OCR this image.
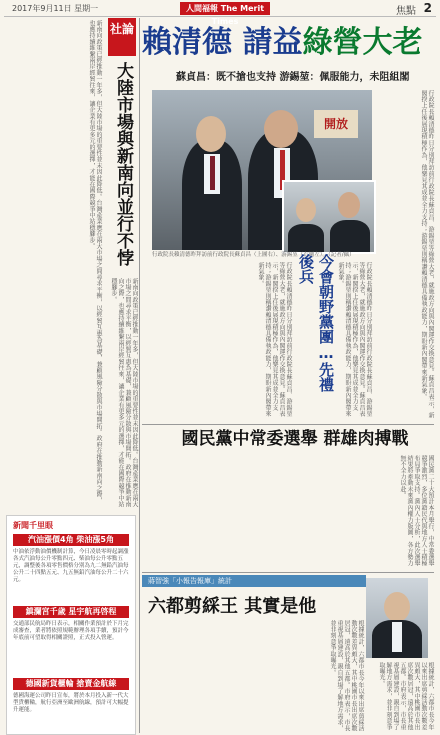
2017年9月11日 星期一	人間福報 The Merit Times
焦點 2
新南向政策已經推動一年多，但大陸市場的重要性並未因此降低。台灣產業應在兩大市場之間尋求平衡，以經貿互惠為基礎，兼顧風險分散與市場開拓。政府在推動新南向之際，也應持續維繫兩岸經貿往來，讓企業有更多元的選擇，才能在國際競爭中站穩腳步。	社論
大陸市場與新南向並行不悖
新南向政策已經推動一年多，但大陸市場的重要性並未因此降低。台灣產業應在兩大市場之間尋求平衡，以經貿互惠為基礎，兼顧風險分散與市場開拓。政府在推動新南向之際，也應持續維繫兩岸經貿往來，讓企業有更多元的選擇，才能在國際競爭中站穩腳步。
新聞千里眼
汽油漲價4角 柴油漲5角
中油依浮動油價機制計算，今日凌晨零時起調漲各式汽油每公升零點四元、柴油每公升零點五元，調整後各項零售價格分別為九二無鉛汽油每公升二十四點五元、九五無鉛汽油每公升二十六元。
鎮瀾宮千歲 星宇航再啓程
交通部民航局昨日表示，相關作業預計於下月完成審查，業者將依照規範辦理各項手續，預計今年底前可望取得相關證照，正式投入營運。
德國新貨櫃輪 搶賣金航線
德國海運公司昨日宣布，將於本月投入新一代大型貨櫃輪，航行亞洲至歐洲航線，預計可大幅提升運能。
賴清德 請益綠營大老
蘇貞昌：既不搶也支持 游錫堃：佩服能力，未阻組閣
行政院長賴清德昨日分別拜訪前行政院長蘇貞昌、游錫堃等綠營大老，就施政方向與內閣運作交換意見。蘇貞昌表示，新閣揆上任後展現積極作為，他樂見其成並全力支持；游錫堃則稱讚賴清德具備執政能力，期盼新內閣帶來新氣象。
開放
行政院長賴清德昨拜訪前行政院長蘇貞昌（上圖右）、游錫堃（右圖左）。（記者/攝）
今會朝野黨團…先禮後兵
行政院長賴清德昨日分別拜訪前行政院長蘇貞昌、游錫堃等綠營大老，就施政方向與內閣運作交換意見。蘇貞昌表示，新閣揆上任後展現積極作為，他樂見其成並全力支持；游錫堃則稱讚賴清德具備執政能力，期盼新內閣帶來新氣象。	行政院長賴清德昨日分別拜訪前行政院長蘇貞昌、游錫堃等綠營大老，就施政方向與內閣運作交換意見。蘇貞昌表示，新閣揆上任後展現積極作為，他樂見其成並全力支持；游錫堃則稱讚賴清德具備執政能力，期盼新內閣帶來新氣象。
國民黨中常委選舉 群雄肉搏戰
國民黨二十大預計本月舉行，中常委選舉競爭激烈，多位黨籍民代與地方人士積極布局爭取支持。黨內人士分析，此次選舉結果將牽動未來黨內權力版圖，各方勢力無不全力以赴。
蔣智強「小報告報庫」統計
六都剪綵王 其實是他
根據統計，六都市長今年以來出席剪綵活動次數差異頗大，其中桃園市長出席次數居冠，遠高於其他五都。市府表示，市長重視基層建設，親自到場了解地方需求，並非刻意爭取曝光。
根據統計，六都市長今年以來出席剪綵活動次數差異頗大，其中桃園市長出席次數居冠，遠高於其他五都。市府表示，市長重視基層建設，親自到場了解地方需求，並非刻意爭取曝光。
